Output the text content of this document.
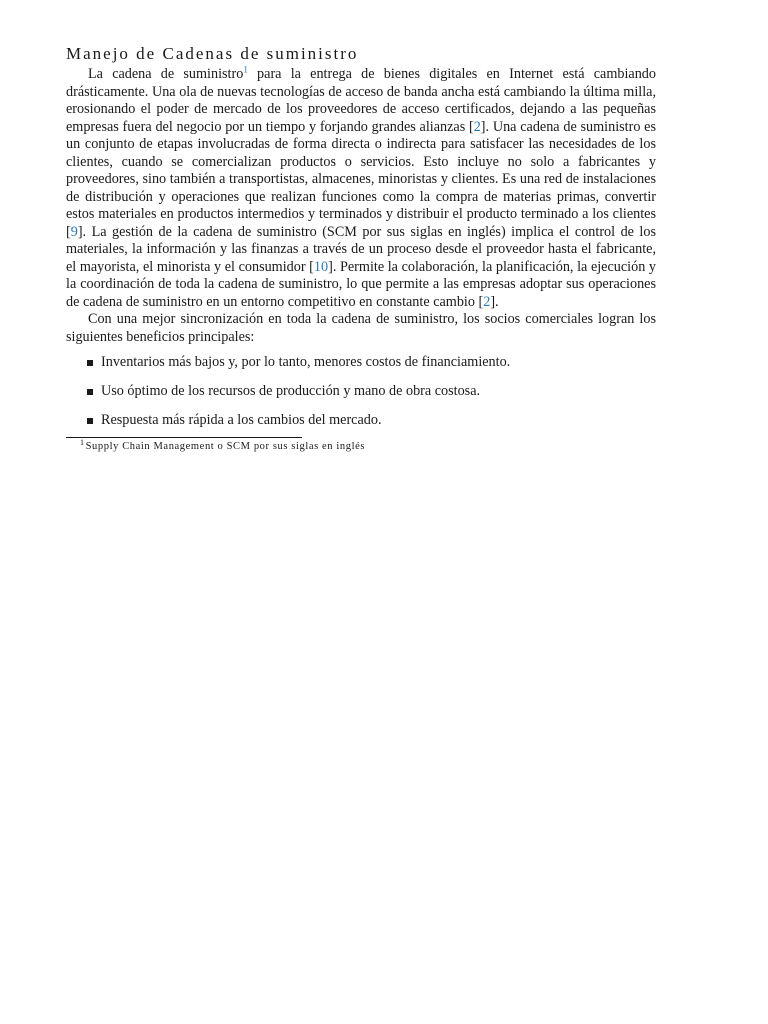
Manejo de Cadenas de suministro

La cadena de suministro$^1$ para la entrega de bienes digitales en Internet está cambiando drásticamente. Una ola de nuevas tecnologías de acceso de banda ancha está cambiando la última milla, erosionando el poder de mercado de los proveedores de acceso certificados, dejando a las pequeñas empresas fuera del negocio por un tiempo y forjando grandes alianzas [2]. Una cadena de suministro es un conjunto de etapas involucradas de forma directa o indirecta para satisfacer las necesidades de los clientes, cuando se comercializan productos o servicios. Esto incluye no solo a fabricantes y proveedores, sino también a transportistas, almacenes, minoristas y clientes. Es una red de instalaciones de distribución y operaciones que realizan funciones como la compra de materias primas, convertir estos materiales en productos intermedios y terminados y distribuir el producto terminado a los clientes [9]. La gestión de la cadena de suministro (SCM por sus siglas en inglés) implica el control de los materiales, la información y las finanzas a través de un proceso desde el proveedor hasta el fabricante, el mayorista, el minorista y el consumidor [10]. Permite la colaboración, la planificación, la ejecución y la coordinación de toda la cadena de suministro, lo que permite a las empresas adoptar sus operaciones de cadena de suministro en un entorno competitivo en constante cambio [2].

Con una mejor sincronización en toda la cadena de suministro, los socios comerciales logran los siguientes beneficios principales:

Inventarios más bajos y, por lo tanto, menores costos de financiamiento.
Uso óptimo de los recursos de producción y mano de obra costosa.
Respuesta más rápida a los cambios del mercado.

$^1$Supply Chain Management o SCM por sus siglas en inglés
